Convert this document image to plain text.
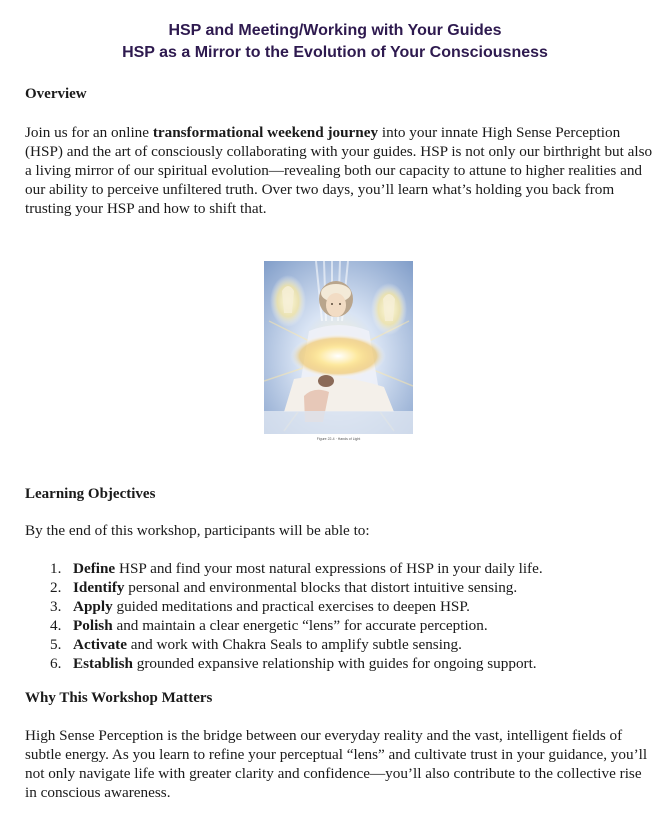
HSP and Meeting/Working with Your Guides
HSP as a Mirror to the Evolution of Your Consciousness
Overview
Join us for an online transformational weekend journey into your innate High Sense Perception (HSP) and the art of consciously collaborating with your guides. HSP is not only our birthright but also a living mirror of our spiritual evolution—revealing both our capacity to attune to higher realities and our ability to perceive unfiltered truth. Over two days, you’ll learn what’s holding you back from trusting your HSP and how to shift that.
Figure 22-4 · Hands of Light
Learning Objectives
By the end of this workshop, participants will be able to:
1. Define HSP and find your most natural expressions of HSP in your daily life.
2. Identify personal and environmental blocks that distort intuitive sensing.
3. Apply guided meditations and practical exercises to deepen HSP.
4. Polish and maintain a clear energetic “lens” for accurate perception.
5. Activate and work with Chakra Seals to amplify subtle sensing.
6. Establish grounded expansive relationship with guides for ongoing support.
Why This Workshop Matters
High Sense Perception is the bridge between our everyday reality and the vast, intelligent fields of subtle energy. As you learn to refine your perceptual “lens” and cultivate trust in your guidance, you’ll not only navigate life with greater clarity and confidence—you’ll also contribute to the collective rise in conscious awareness.
